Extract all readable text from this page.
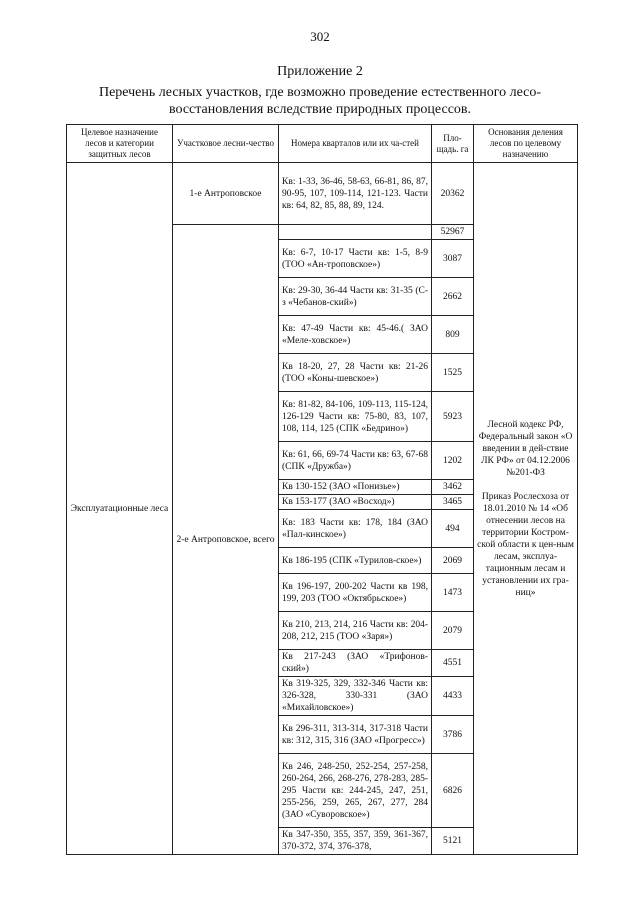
302
Приложение 2
Перечень лесных участков, где возможно проведение естественного лесо-восстановления вследствие природных процессов.
Целевое назначение лесов и категории защитных лесов	Участковое лесни-чество	Номера кварталов или их ча-стей	Пло-щадь. га	Основания деления лесов по целевому назначению
Эксплуатационные леса	1-е Антроповское	Кв: 1-33, 36-46, 58-63, 66-81, 86, 87, 90-95, 107, 109-114, 121-123. Части кв: 64, 82, 85, 88, 89, 124.	20362	Лесной кодекс РФ, Федеральный закон «О введении в дей-ствие ЛК РФ» от 04.12.2006 №201-ФЗ
Приказ Рослесхоза от 18.01.2010 № 14 «Об отнесении лесов на территории Костром-ской области к цен-ным лесам, эксплуа-тационным лесам и установлении их гра-ниц»

	2-е Антроповское, всего		52967	
		Кв: 6-7, 10-17 Части кв: 1-5, 8-9 (ТОО «Ан-троповское»)	3087	
		Кв: 29-30, 36-44 Части кв: 31-35 (С-з «Чебанов-ский»)	2662	
		Кв: 47-49 Части кв: 45-46.( ЗАО «Меле-ховское»)	809	
		Кв 18-20, 27, 28 Части кв: 21-26 (ТОО «Коны-шевское»)	1525	
		Кв: 81-82, 84-106, 109-113, 115-124, 126-129 Части кв: 75-80, 83, 107, 108, 114, 125 (СПК «Бедрино»)	5923	
		Кв: 61, 66, 69-74 Части кв: 63, 67-68 (СПК «Дружба»)	1202	
		Кв 130-152 (ЗАО «Понизье»)	3462	
		Кв 153-177 (ЗАО «Восход»)	3465	
		Кв: 183 Части кв: 178, 184 (ЗАО «Пал-кинское»)	494	
		Кв 186-195 (СПК «Турилов-ское»)	2069	
		Кв 196-197, 200-202 Части кв 198, 199, 203 (ТОО «Октябрьское»)	1473	
		Кв 210, 213, 214, 216 Части кв: 204-208, 212, 215 (ТОО «Заря»)	2079	
		Кв 217-243 (ЗАО «Трифонов-ский»)	4551	
		Кв 319-325, 329, 332-346 Части кв: 326-328, 330-331 (ЗАО «Михайловское»)	4433	
		Кв 296-311, 313-314, 317-318 Части кв: 312, 315, 316 (ЗАО «Прогресс»)	3786	
		Кв 246, 248-250, 252-254, 257-258, 260-264, 266, 268-276, 278-283, 285-295 Части кв: 244-245, 247, 251, 255-256, 259, 265, 267, 277, 284 (ЗАО «Суворовское»)	6826	
		Кв 347-350, 355, 357, 359, 361-367, 370-372, 374, 376-378,	5121	
